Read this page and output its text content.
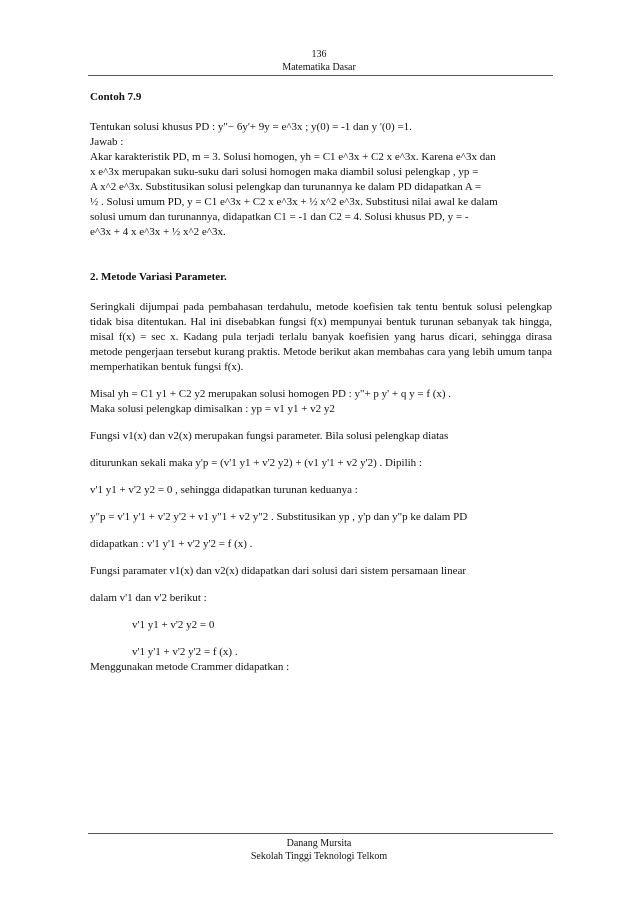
136
Matematika Dasar

Contoh 7.9

Tentukan solusi khusus PD : y"− 6y'+ 9y = e^3x ; y(0) = -1 dan y '(0) =1.

Jawab :

Akar karakteristik PD, m = 3. Solusi homogen, yh = C1 e^3x + C2 x e^3x. Karena e^3x dan

x e^3x merupakan suku-suku dari solusi homogen maka diambil solusi pelengkap , yp =

A x^2 e^3x. Substitusikan solusi pelengkap dan turunannya ke dalam PD didapatkan A =

½ . Solusi umum PD, y = C1 e^3x + C2 x e^3x + ½ x^2 e^3x. Substitusi nilai awal ke dalam

solusi umum dan turunannya, didapatkan C1 = -1 dan C2 = 4. Solusi khusus PD, y = -

e^3x + 4 x e^3x + ½ x^2 e^3x.

2. Metode Variasi Parameter.

Seringkali dijumpai pada pembahasan terdahulu, metode koefisien tak tentu bentuk solusi pelengkap tidak bisa ditentukan. Hal ini disebabkan fungsi f(x) mempunyai bentuk turunan sebanyak tak hingga, misal f(x) = sec x. Kadang pula terjadi terlalu banyak koefisien yang harus dicari, sehingga dirasa metode pengerjaan tersebut kurang praktis. Metode berikut akan membahas cara yang lebih umum tanpa memperhatikan bentuk fungsi f(x).

Misal yh = C1 y1 + C2 y2 merupakan solusi homogen PD : y"+ p y' + q y = f (x) .

Maka solusi pelengkap dimisalkan : yp = v1 y1 + v2 y2

Fungsi v1(x) dan v2(x) merupakan fungsi parameter. Bila solusi pelengkap diatas

diturunkan sekali maka y'p = (v'1 y1 + v'2 y2) + (v1 y'1 + v2 y'2) . Dipilih :

v'1 y1 + v'2 y2 = 0 , sehingga didapatkan turunan keduanya :

y"p = v'1 y'1 + v'2 y'2 + v1 y"1 + v2 y"2 . Substitusikan yp , y'p dan y"p ke dalam PD

didapatkan : v'1 y'1 + v'2 y'2 = f (x) .

Fungsi paramater v1(x) dan v2(x) didapatkan dari solusi dari sistem persamaan linear

dalam v'1 dan v'2 berikut :

v'1 y1 + v'2 y2 = 0

v'1 y'1 + v'2 y'2 = f (x) .

Menggunakan metode Crammer didapatkan :

Danang Mursita
Sekolah Tinggi Teknologi Telkom
